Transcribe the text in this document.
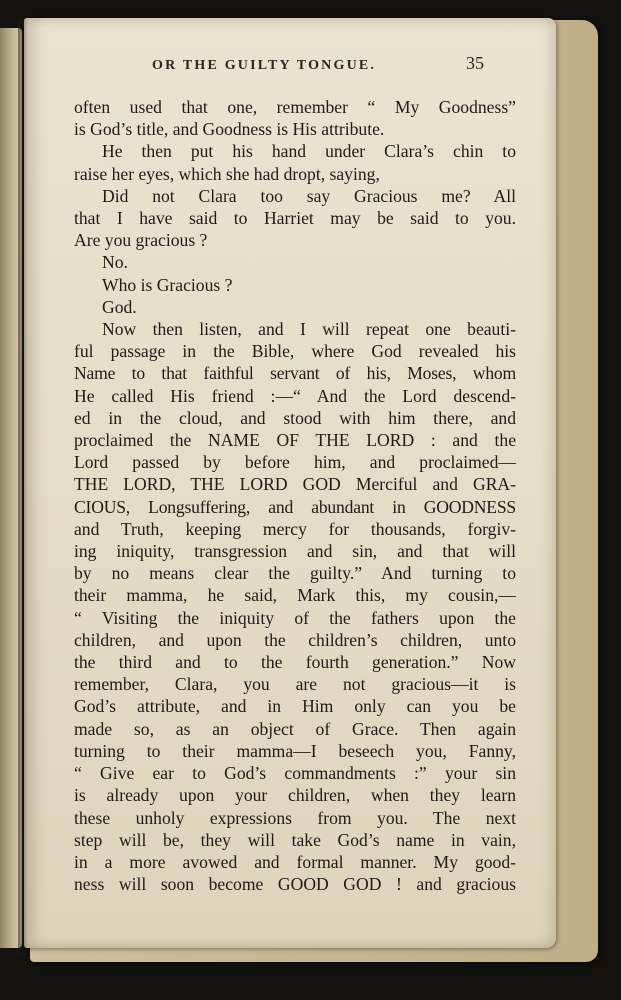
OR THE GUILTY TONGUE.	35
often used that one, remember “ My Goodness”
is God’s title, and Goodness is His attribute.
He then put his hand under Clara’s chin to
raise her eyes, which she had dropt, saying,
Did not Clara too say Gracious me? All
that I have said to Harriet may be said to you.
Are you gracious ?
No.
Who is Gracious ?
God.
Now then listen, and I will repeat one beauti-
ful passage in the Bible, where God revealed his
Name to that faithful servant of his, Moses, whom
He called His friend :—“ And the Lord descend-
ed in the cloud, and stood with him there, and
proclaimed the NAME OF THE LORD : and the
Lord passed by before him, and proclaimed—
THE LORD, THE LORD GOD Merciful and GRA-
CIOUS, Longsuffering, and abundant in GOODNESS
and Truth, keeping mercy for thousands, forgiv-
ing iniquity, transgression and sin, and that will
by no means clear the guilty.” And turning to
their mamma, he said, Mark this, my cousin,—
“ Visiting the iniquity of the fathers upon the
children, and upon the children’s children, unto
the third and to the fourth generation.” Now
remember, Clara, you are not gracious—it is
God’s attribute, and in Him only can you be
made so, as an object of Grace. Then again
turning to their mamma—I beseech you, Fanny,
“ Give ear to God’s commandments :” your sin
is already upon your children, when they learn
these unholy expressions from you. The next
step will be, they will take God’s name in vain,
in a more avowed and formal manner. My good-
ness will soon become GOOD GOD ! and gracious
